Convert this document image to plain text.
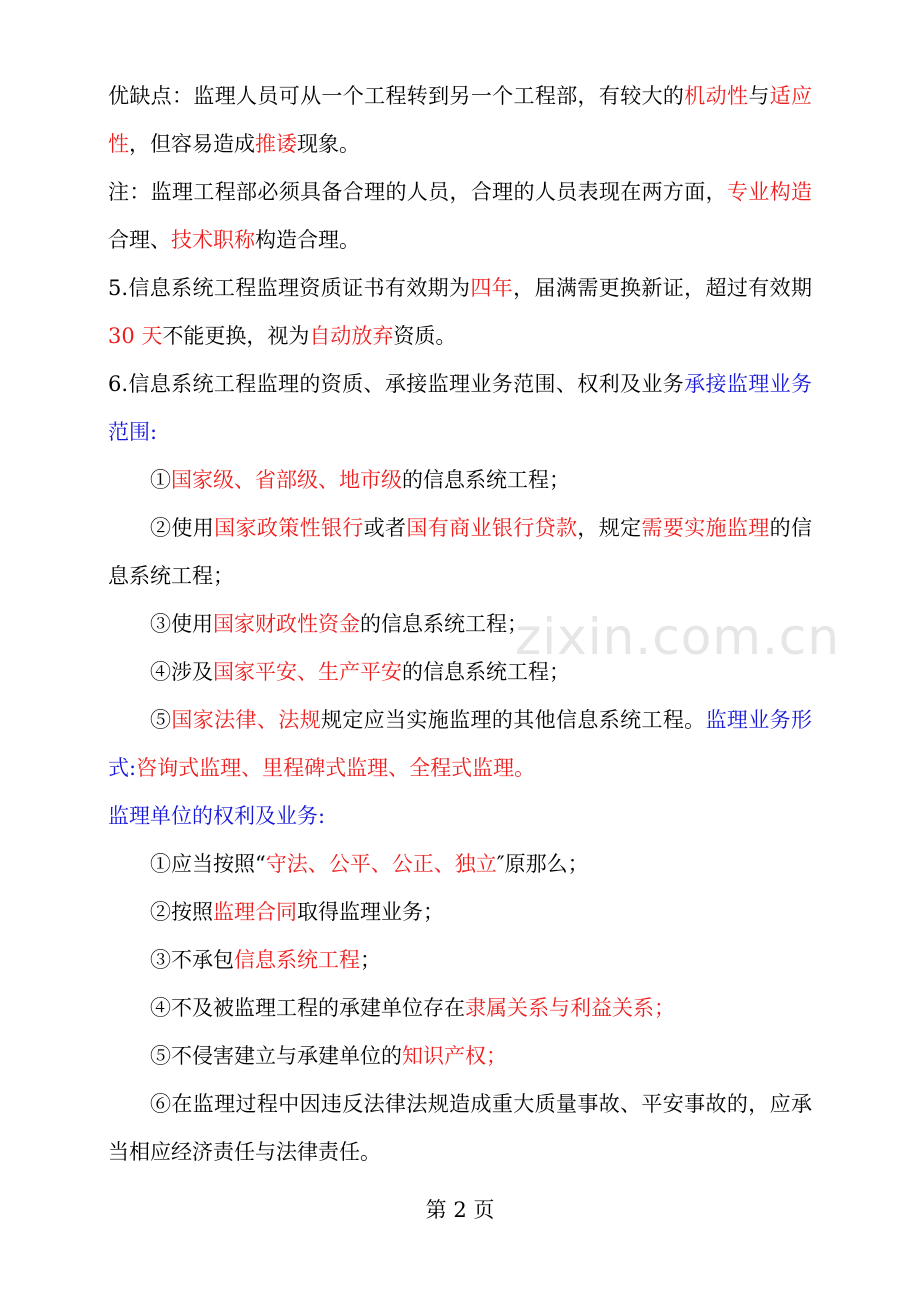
优缺点：监理人员可从一个工程转到另一个工程部，有较大的机动性与适应性，但容易造成推诿现象。

注：监理工程部必须具备合理的人员，合理的人员表现在两方面，专业构造合理、技术职称构造合理。

5.信息系统工程监理资质证书有效期为四年，届满需更换新证，超过有效期 30 天不能更换，视为自动放弃资质。

6.信息系统工程监理的资质、承接监理业务范围、权利及业务承接监理业务范围:

①国家级、省部级、地市级的信息系统工程；

②使用国家政策性银行或者国有商业银行贷款，规定需要实施监理的信息系统工程；

③使用国家财政性资金的信息系统工程；

④涉及国家平安、生产平安的信息系统工程；

⑤国家法律、法规规定应当实施监理的其他信息系统工程。监理业务形式:咨询式监理、里程碑式监理、全程式监理。

监理单位的权利及业务:

①应当按照“守法、公平、公正、独立″原那么；

②按照监理合同取得监理业务；

③不承包信息系统工程；

④不及被监理工程的承建单位存在隶属关系与利益关系；

⑤不侵害建立与承建单位的知识产权；

⑥在监理过程中因违反法律法规造成重大质量事故、平安事故的，应承当相应经济责任与法律责任。

zixin.com.cn
第 2 页
